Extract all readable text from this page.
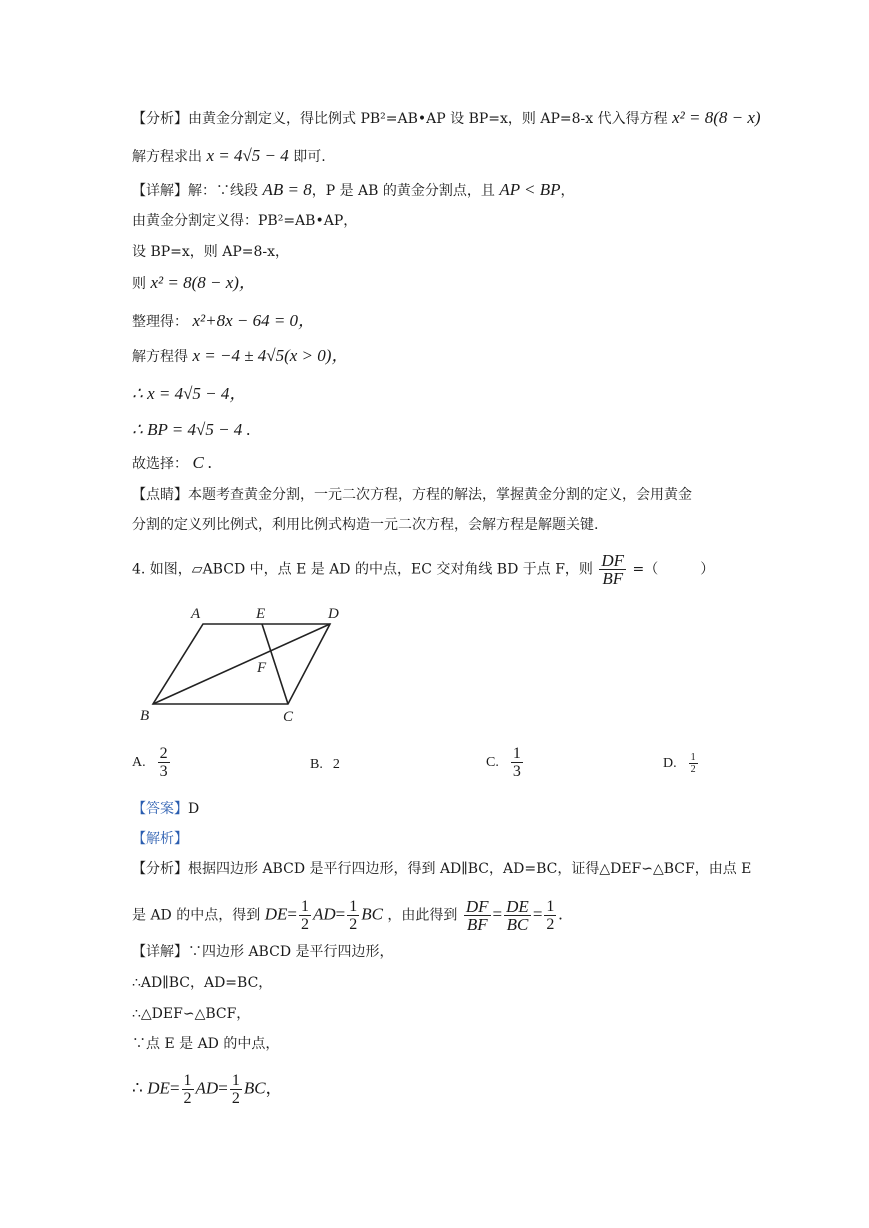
【分析】由黄金分割定义，得比例式 PB²=AB•AP 设 BP=x，则 AP=8-x 代入得方程 x² = 8(8 − x)
解方程求出 x = 4√5 − 4 即可.
【详解】解：∵线段 AB = 8，P 是 AB 的黄金分割点，且 AP < BP，
由黄金分割定义得：PB²=AB•AP，
设 BP=x，则 AP=8-x，
则 x² = 8(8 − x)，
整理得： x²+8x − 64 = 0，
解方程得 x = −4 ± 4√5(x > 0)，
∴ x = 4√5 − 4，
∴ BP = 4√5 − 4 .
故选择： C .
【点睛】本题考查黄金分割，一元二次方程，方程的解法，掌握黄金分割的定义，会用黄金
分割的定义列比例式，利用比例式构造一元二次方程，会解方程是解题关键.
4. 如图，▱ABCD 中，点 E 是 AD 的中点，EC 交对角线 BD 于点 F，则 $\frac{DF}{BF}$ =（　　　）
A	E	D
F
B	C
A. $\frac{2}{3}$	B. 2	C. $\frac{1}{3}$	D. $\frac{1}{2}$
【答案】D
【解析】
【分析】根据四边形 ABCD 是平行四边形，得到 AD∥BC，AD=BC，证得△DEF∽△BCF，由点 E
是 AD 的中点，得到 $DE= \frac{1}{2} AD= \frac{1}{2}$ BC ，由此得到 $\frac{DF}{BF} = \frac{DE}{BC} = \frac{1}{2}$ .
【详解】∵四边形 ABCD 是平行四边形，
∴AD∥BC，AD=BC，
∴△DEF∽△BCF，
∵点 E 是 AD 的中点，
∴ $DE= \frac{1}{2} AD= \frac{1}{2}$ BC，
